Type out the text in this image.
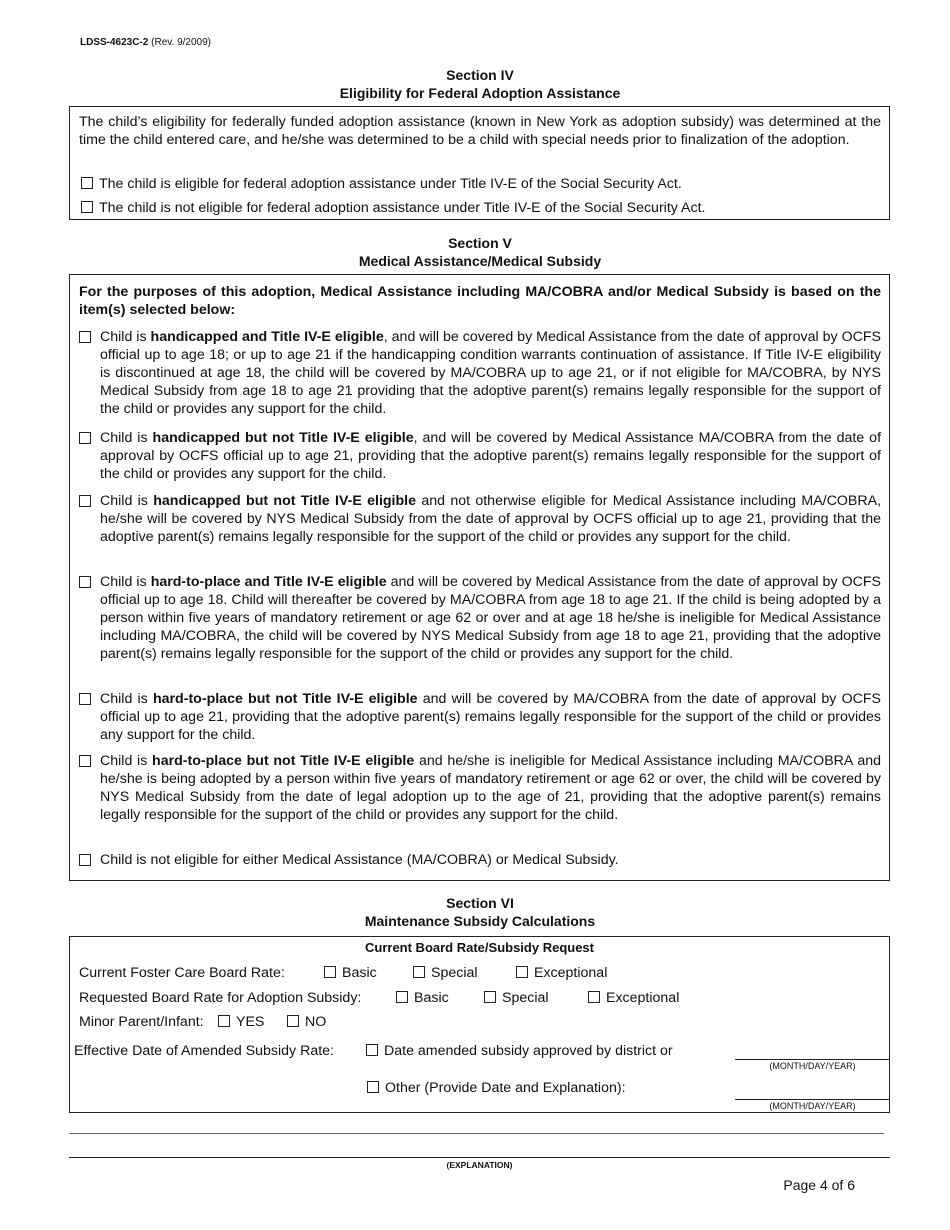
LDSS-4623C-2 (Rev. 9/2009)
Section IV
Eligibility for Federal Adoption Assistance
The child’s eligibility for federally funded adoption assistance (known in New York as adoption subsidy) was determined at the time the child entered care, and he/she was determined to be a child with special needs prior to finalization of the adoption.
The child is eligible for federal adoption assistance under Title IV-E of the Social Security Act.
The child is not eligible for federal adoption assistance under Title IV-E of the Social Security Act.
Section V
Medical Assistance/Medical Subsidy
For the purposes of this adoption, Medical Assistance including MA/COBRA and/or Medical Subsidy is based on the item(s) selected below:
Child is handicapped and Title IV-E eligible, and will be covered by Medical Assistance from the date of approval by OCFS official up to age 18; or up to age 21 if the handicapping condition warrants continuation of assistance. If Title IV-E eligibility is discontinued at age 18, the child will be covered by MA/COBRA up to age 21, or if not eligible for MA/COBRA, by NYS Medical Subsidy from age 18 to age 21 providing that the adoptive parent(s) remains legally responsible for the support of the child or provides any support for the child.
Child is handicapped but not Title IV-E eligible, and will be covered by Medical Assistance MA/COBRA from the date of approval by OCFS official up to age 21, providing that the adoptive parent(s) remains legally responsible for the support of the child or provides any support for the child.
Child is handicapped but not Title IV-E eligible and not otherwise eligible for Medical Assistance including MA/COBRA, he/she will be covered by NYS Medical Subsidy from the date of approval by OCFS official up to age 21, providing that the adoptive parent(s) remains legally responsible for the support of the child or provides any support for the child.
Child is hard-to-place and Title IV-E eligible and will be covered by Medical Assistance from the date of approval by OCFS official up to age 18. Child will thereafter be covered by MA/COBRA from age 18 to age 21. If the child is being adopted by a person within five years of mandatory retirement or age 62 or over and at age 18 he/she is ineligible for Medical Assistance including MA/COBRA, the child will be covered by NYS Medical Subsidy from age 18 to age 21, providing that the adoptive parent(s) remains legally responsible for the support of the child or provides any support for the child.
Child is hard-to-place but not Title IV-E eligible and will be covered by MA/COBRA from the date of approval by OCFS official up to age 21, providing that the adoptive parent(s) remains legally responsible for the support of the child or provides any support for the child.
Child is hard-to-place but not Title IV-E eligible and he/she is ineligible for Medical Assistance including MA/COBRA and he/she is being adopted by a person within five years of mandatory retirement or age 62 or over, the child will be covered by NYS Medical Subsidy from the date of legal adoption up to the age of 21, providing that the adoptive parent(s) remains legally responsible for the support of the child or provides any support for the child.
Child is not eligible for either Medical Assistance (MA/COBRA) or Medical Subsidy.
Section VI
Maintenance Subsidy Calculations
Current Board Rate/Subsidy Request
Current Foster Care Board Rate:	Basic	Special	Exceptional
Requested Board Rate for Adoption Subsidy:	Basic	Special	Exceptional
Minor Parent/Infant:	YES	NO
Effective Date of Amended Subsidy Rate:	Date amended subsidy approved by district or
(MONTH/DAY/YEAR)
Other (Provide Date and Explanation):
(MONTH/DAY/YEAR)
(EXPLANATION)
Page 4 of 6
